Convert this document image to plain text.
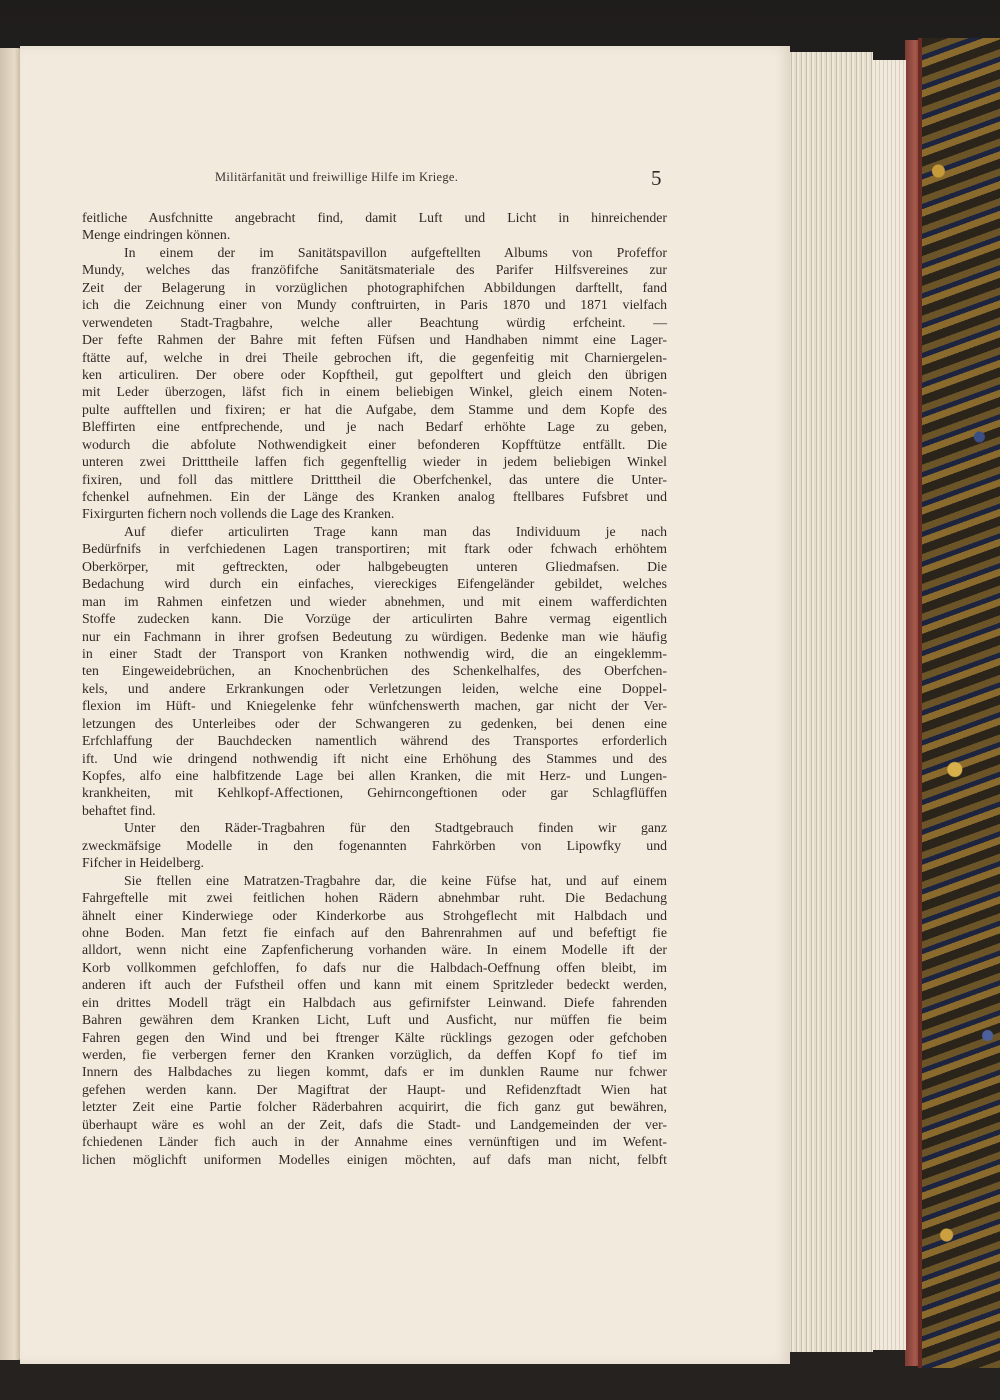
Militärfanität und freiwillige Hilfe im Kriege.	5
feitliche Ausfchnitte angebracht find, damit Luft und Licht in hinreichender
Menge eindringen können.
In einem der im Sanitätspavillon aufgeftellten Albums von Profeffor
Mundy, welches das franzöfifche Sanitätsmateriale des Parifer Hilfsvereines zur
Zeit der Belagerung in vorzüglichen photographifchen Abbildungen darftellt, fand
ich die Zeichnung einer von Mundy conftruirten, in Paris 1870 und 1871 vielfach
verwendeten Stadt-Tragbahre, welche aller Beachtung würdig erfcheint. —
Der fefte Rahmen der Bahre mit feften Füfsen und Handhaben nimmt eine Lager-
ftätte auf, welche in drei Theile gebrochen ift, die gegenfeitig mit Charniergelen-
ken articuliren. Der obere oder Kopftheil, gut gepolftert und gleich den übrigen
mit Leder überzogen, läfst fich in einem beliebigen Winkel, gleich einem Noten-
pulte aufftellen und fixiren; er hat die Aufgabe, dem Stamme und dem Kopfe des
Bleffirten eine entfprechende, und je nach Bedarf erhöhte Lage zu geben,
wodurch die abfolute Nothwendigkeit einer befonderen Kopfftütze entfällt. Die
unteren zwei Dritttheile laffen fich gegenftellig wieder in jedem beliebigen Winkel
fixiren, und foll das mittlere Dritttheil die Oberfchenkel, das untere die Unter-
fchenkel aufnehmen. Ein der Länge des Kranken analog ftellbares Fufsbret und
Fixirgurten fichern noch vollends die Lage des Kranken.
Auf diefer articulirten Trage kann man das Individuum je nach
Bedürfnifs in verfchiedenen Lagen transportiren; mit ftark oder fchwach erhöhtem
Oberkörper, mit geftreckten, oder halbgebeugten unteren Gliedmafsen. Die
Bedachung wird durch ein einfaches, viereckiges Eifengeländer gebildet, welches
man im Rahmen einfetzen und wieder abnehmen, und mit einem wafferdichten
Stoffe zudecken kann. Die Vorzüge der articulirten Bahre vermag eigentlich
nur ein Fachmann in ihrer grofsen Bedeutung zu würdigen. Bedenke man wie häufig
in einer Stadt der Transport von Kranken nothwendig wird, die an eingeklemm-
ten Eingeweidebrüchen, an Knochenbrüchen des Schenkelhalfes, des Oberfchen-
kels, und andere Erkrankungen oder Verletzungen leiden, welche eine Doppel-
flexion im Hüft- und Kniegelenke fehr wünfchenswerth machen, gar nicht der Ver-
letzungen des Unterleibes oder der Schwangeren zu gedenken, bei denen eine
Erfchlaffung der Bauchdecken namentlich während des Transportes erforderlich
ift. Und wie dringend nothwendig ift nicht eine Erhöhung des Stammes und des
Kopfes, alfo eine halbfitzende Lage bei allen Kranken, die mit Herz- und Lungen-
krankheiten, mit Kehlkopf-Affectionen, Gehirncongeftionen oder gar Schlagflüffen
behaftet find.
Unter den Räder-Tragbahren für den Stadtgebrauch finden wir ganz
zweckmäfsige Modelle in den fogenannten Fahrkörben von Lipowfky und
Fifcher in Heidelberg.
Sie ftellen eine Matratzen-Tragbahre dar, die keine Füfse hat, und auf einem
Fahrgeftelle mit zwei feitlichen hohen Rädern abnehmbar ruht. Die Bedachung
ähnelt einer Kinderwiege oder Kinderkorbe aus Strohgeflecht mit Halbdach und
ohne Boden. Man fetzt fie einfach auf den Bahrenrahmen auf und befeftigt fie
alldort, wenn nicht eine Zapfenficherung vorhanden wäre. In einem Modelle ift der
Korb vollkommen gefchloffen, fo dafs nur die Halbdach-Oeffnung offen bleibt, im
anderen ift auch der Fufstheil offen und kann mit einem Spritzleder bedeckt werden,
ein drittes Modell trägt ein Halbdach aus gefirnifster Leinwand. Diefe fahrenden
Bahren gewähren dem Kranken Licht, Luft und Ausficht, nur müffen fie beim
Fahren gegen den Wind und bei ftrenger Kälte rücklings gezogen oder gefchoben
werden, fie verbergen ferner den Kranken vorzüglich, da deffen Kopf fo tief im
Innern des Halbdaches zu liegen kommt, dafs er im dunklen Raume nur fchwer
gefehen werden kann. Der Magiftrat der Haupt- und Refidenzftadt Wien hat
letzter Zeit eine Partie folcher Räderbahren acquirirt, die fich ganz gut bewähren,
überhaupt wäre es wohl an der Zeit, dafs die Stadt- und Landgemeinden der ver-
fchiedenen Länder fich auch in der Annahme eines vernünftigen und im Wefent-
lichen möglichft uniformen Modelles einigen möchten, auf dafs man nicht, felbft
